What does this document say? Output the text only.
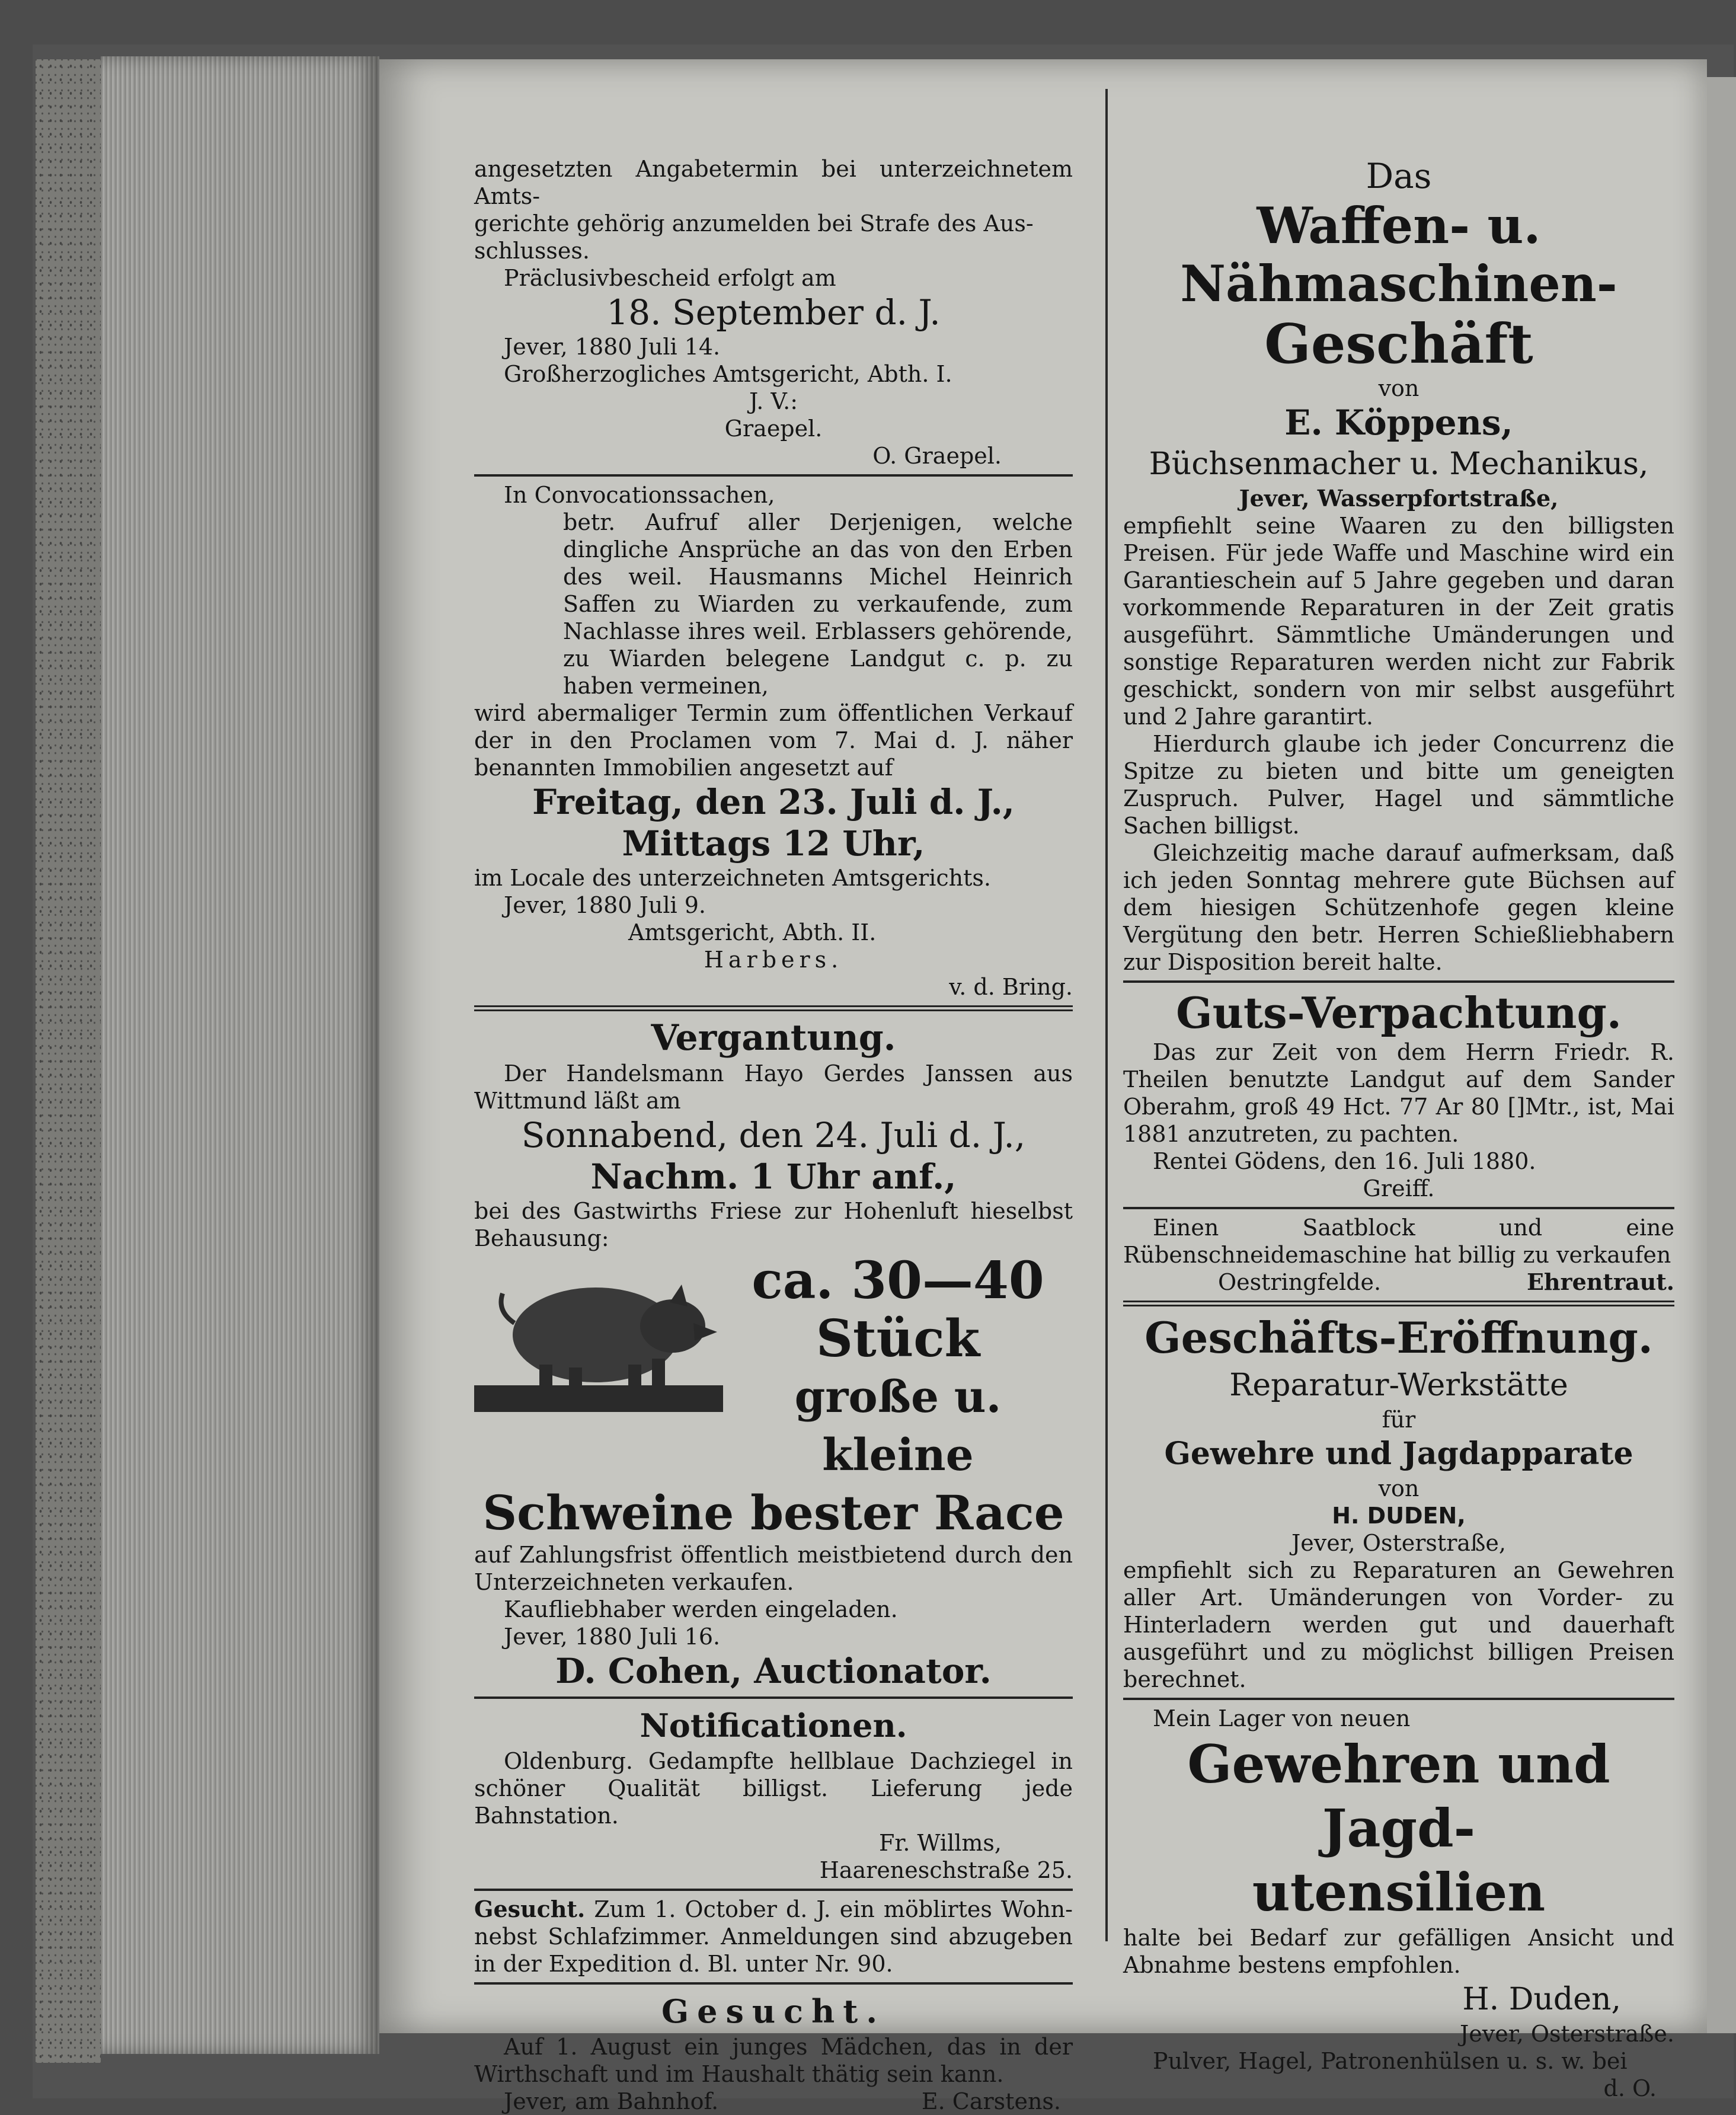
angesetzten Angabetermin bei unterzeichnetem Amts-

gerichte gehörig anzumelden bei Strafe des Aus-

schlusses.

Präclusivbescheid erfolgt am

18. September d. J.

Jever, 1880 Juli 14.

Großherzogliches Amtsgericht, Abth. I.

J. V.:

Graepel.

O. Graepel.

In Convocationssachen,

betr. Aufruf aller Derjenigen, welche dingliche Ansprüche an das von den Erben des weil. Hausmanns Michel Heinrich Saffen zu Wiarden zu verkaufende, zum Nachlasse ihres weil. Erblassers gehörende, zu Wiarden belegene Landgut c. p. zu haben vermeinen,

wird abermaliger Termin zum öffentlichen Verkauf der in den Proclamen vom 7. Mai d. J. näher benannten Immobilien angesetzt auf

Freitag, den 23. Juli d. J.,

Mittags 12 Uhr,

im Locale des unterzeichneten Amtsgerichts.

Jever, 1880 Juli 9.

Amtsgericht, Abth. II.

Harbers.

v. d. Bring.

Vergantung.

Der Handelsmann Hayo Gerdes Janssen aus Wittmund läßt am

Sonnabend, den 24. Juli d. J.,

Nachm. 1 Uhr anf.,

bei des Gastwirths Friese zur Hohenluft hieselbst Behausung:

ca. 30—40

Stück

große u. kleine

Schweine bester Race

auf Zahlungsfrist öffentlich meistbietend durch den Unterzeichneten verkaufen.

Kaufliebhaber werden eingeladen.

Jever, 1880 Juli 16.

D. Cohen, Auctionator.

Notificationen.

Oldenburg. Gedampfte hellblaue Dachziegel in schöner Qualität billigst. Lieferung jede Bahnstation.

Fr. Willms,

Haareneschstraße 25.

Gesucht. Zum 1. October d. J. ein möblirtes Wohn- nebst Schlafzimmer. Anmeldungen sind abzugeben in der Expedition d. Bl. unter Nr. 90.

Gesucht.

Auf 1. August ein junges Mädchen, das in der Wirthschaft und im Haushalt thätig sein kann.

Jever, am Bahnhof.	E. Carstens.

Das

Waffen- u. Nähmaschinen-

Geschäft

von

E. Köppens,

Büchsenmacher u. Mechanikus,

Jever, Wasserpfortstraße,

empfiehlt seine Waaren zu den billigsten Preisen. Für jede Waffe und Maschine wird ein Garantieschein auf 5 Jahre gegeben und daran vorkommende Reparaturen in der Zeit gratis ausgeführt. Sämmtliche Umänderungen und sonstige Reparaturen werden nicht zur Fabrik geschickt, sondern von mir selbst ausgeführt und 2 Jahre garantirt.

Hierdurch glaube ich jeder Concurrenz die Spitze zu bieten und bitte um geneigten Zuspruch. Pulver, Hagel und sämmtliche Sachen billigst.

Gleichzeitig mache darauf aufmerksam, daß ich jeden Sonntag mehrere gute Büchsen auf dem hiesigen Schützenhofe gegen kleine Vergütung den betr. Herren Schießliebhabern zur Disposition bereit halte.

Guts-Verpachtung.

Das zur Zeit von dem Herrn Friedr. R. Theilen benutzte Landgut auf dem Sander Oberahm, groß 49 Hct. 77 Ar 80 []Mtr., ist, Mai 1881 anzutreten, zu pachten.

Rentei Gödens, den 16. Juli 1880.

Greiff.

Einen Saatblock und eine Rübenschneidemaschine hat billig zu verkaufen

Oestringfelde.	Ehrentraut.

Geschäfts-Eröffnung.

Reparatur-Werkstätte

für

Gewehre und Jagdapparate

von

H. DUDEN,

Jever, Osterstraße,

empfiehlt sich zu Reparaturen an Gewehren aller Art. Umänderungen von Vorder- zu Hinterladern werden gut und dauerhaft ausgeführt und zu möglichst billigen Preisen berechnet.

Mein Lager von neuen

Gewehren und Jagd-

utensilien

halte bei Bedarf zur gefälligen Ansicht und Abnahme bestens empfohlen.

H. Duden,

Jever, Osterstraße.

Pulver, Hagel, Patronenhülsen u. s. w. bei

d. O.
